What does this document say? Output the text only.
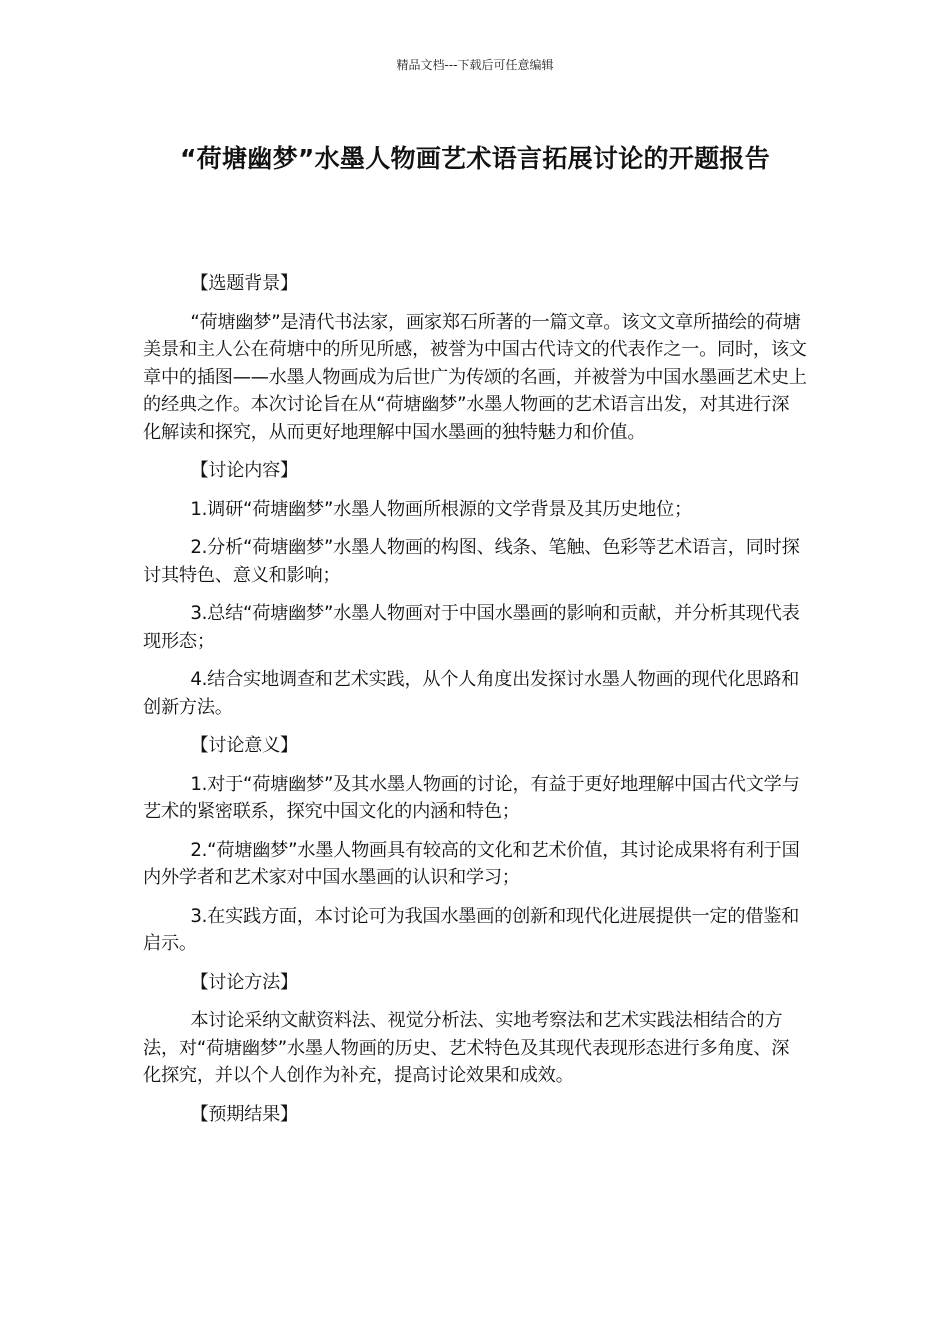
精品文档---下载后可任意编辑
“荷塘幽梦”水墨人物画艺术语言拓展讨论的开题报告

【选题背景】

“荷塘幽梦”是清代书法家，画家郑石所著的一篇文章。该文文章所描绘的荷塘美景和主人公在荷塘中的所见所感，被誉为中国古代诗文的代表作之一。同时，该文章中的插图——水墨人物画成为后世广为传颂的名画，并被誉为中国水墨画艺术史上的经典之作。本次讨论旨在从“荷塘幽梦”水墨人物画的艺术语言出发，对其进行深化解读和探究，从而更好地理解中国水墨画的独特魅力和价值。

【讨论内容】

1.调研“荷塘幽梦”水墨人物画所根源的文学背景及其历史地位；

2.分析“荷塘幽梦”水墨人物画的构图、线条、笔触、色彩等艺术语言，同时探讨其特色、意义和影响；

3.总结“荷塘幽梦”水墨人物画对于中国水墨画的影响和贡献，并分析其现代表现形态；

4.结合实地调查和艺术实践，从个人角度出发探讨水墨人物画的现代化思路和创新方法。

【讨论意义】

1.对于“荷塘幽梦”及其水墨人物画的讨论，有益于更好地理解中国古代文学与艺术的紧密联系，探究中国文化的内涵和特色；

2.“荷塘幽梦”水墨人物画具有较高的文化和艺术价值，其讨论成果将有利于国内外学者和艺术家对中国水墨画的认识和学习；

3.在实践方面，本讨论可为我国水墨画的创新和现代化进展提供一定的借鉴和启示。

【讨论方法】

本讨论采纳文献资料法、视觉分析法、实地考察法和艺术实践法相结合的方法，对“荷塘幽梦”水墨人物画的历史、艺术特色及其现代表现形态进行多角度、深化探究，并以个人创作为补充，提高讨论效果和成效。

【预期结果】
